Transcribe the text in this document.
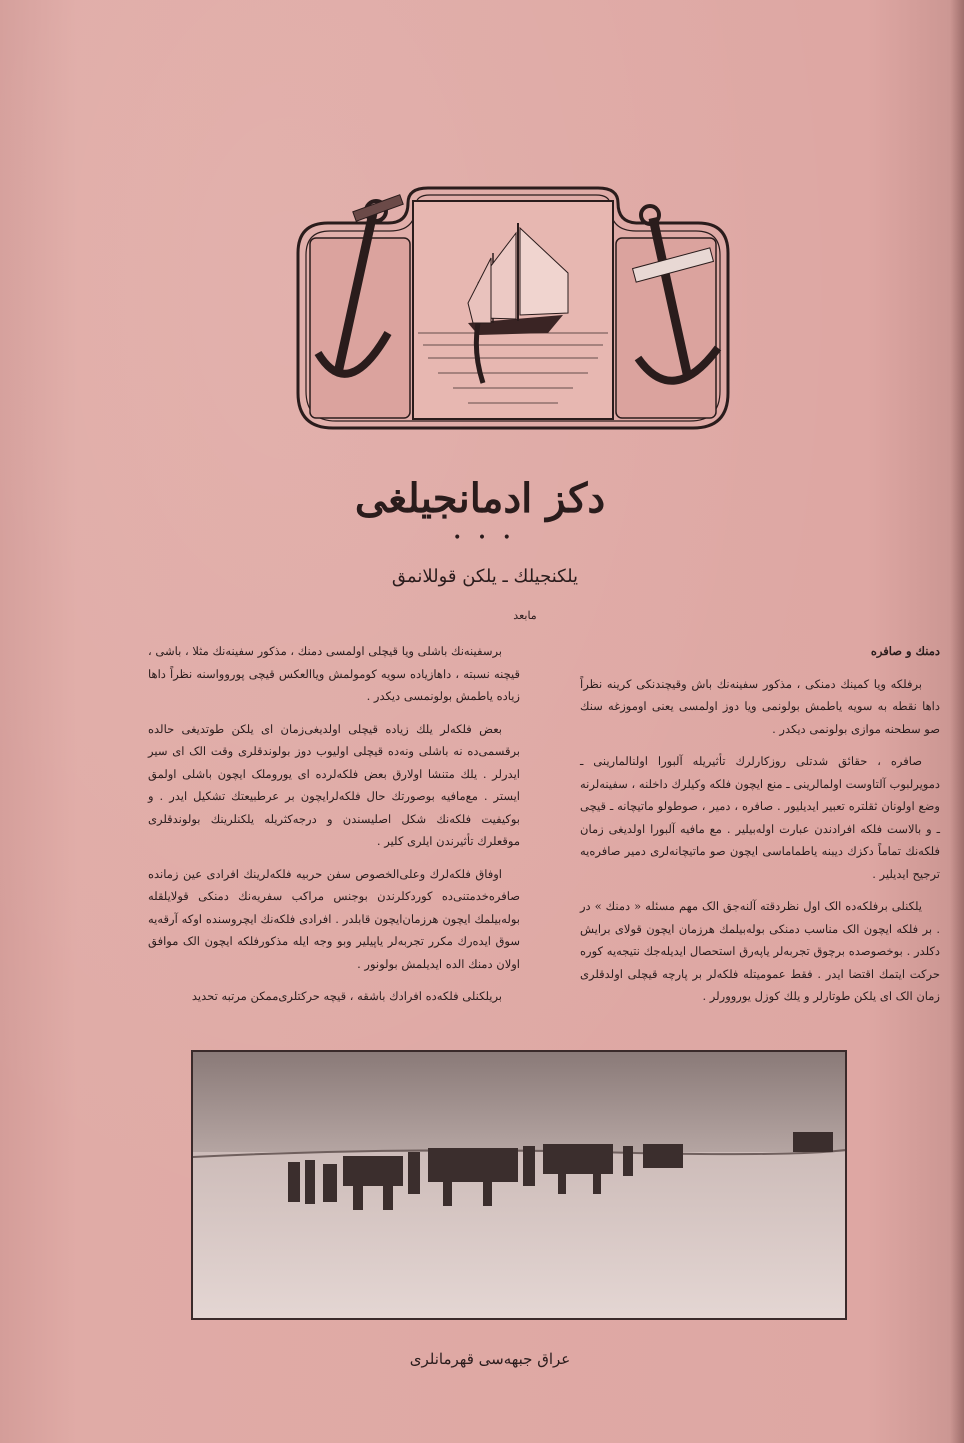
دکز ادمانجیلغی
• • •
یلکنجیلك ـ یلکن قوللانمق
مابعد

دمنك و صافره

برفلکه ویا کمینك دمنکی ، مذکور سفینه‌نك باش وقیچندنکی کرینه نظراً داها نقطه به سویه یاطمش بولونمی ویا دوز اولمسی یعنی اوموزغه سنك صو سطحنه موازی بولونمی دیکدر .

صافره ، حقائق شدتلی روزکارلرك تأثیریله آلبورا اولنالمارینی ـ دمویرلبوب آلتاوست اولمالرینی ـ منع ایچون فلکه وکیلرك داخلنه ، سفینه‌لرنه وضع اولونان ثقلتره تعبیر ایدیلیور . صافره ، دمیر ، صوطولو ماتیچانه ـ قیچی ـ و بالاست فلکه افرادندن عبارت اوله‌بیلیر . مع مافیه آلبورا اولدیغی زمان فلکه‌نك تماماً دکزك دیبنه یاطماماسی ایچون صو ماتیچانه‌لری دمیر صافره‌یه ترجیح ایدیلیر .

یلکنلی برفلکه‌ده الک اول نظردقته آلنه‌جق الک مهم مسئله « دمنك » در . بر فلکه ایچون الک مناسب دمنکی بوله‌بیلمك هرزمان ایچون قولای برایش دکلدر . بوخصوصده برچوق تجربه‌لر یاپه‌رق استحصال ایدیله‌جك نتیجه‌یه کوره حرکت ایتمك اقتضا ایدر . فقط عمومیتله فلکه‌لر بر پارچه قیچلی اولدقلری زمان الک ای یلکن طوتارلر و یلك کوزل یوروورلر .

برسفینه‌نك باشلی ویا قیچلی اولمسی دمنك ، مذکور سفینه‌نك مثلا ، باشی ، قیچنه نسبته ، داهازیاده سویه کومولمش ویاالعکس قیچی پوروواسنه نظراً داها زیاده یاطمش بولونمسی دیکدر .

بعض فلکه‌لر یلك زیاده قیچلی اولدیغی‌زمان ای یلکن طوتدیغی حالده برقسمی‌ده نه باشلی ونه‌ده قیچلی اولیوب دوز بولوندقلری وقت الک ای سیر ایدرلر . یلك متنشا اولارق بعض فلکه‌لرده ای یوروملک ایچون باشلی اولمق ایستر . مع‌مافیه بوصورتك حال فلکه‌لرایچون بر عرطبیعتك تشکیل ایدر . و بوکیفیت فلکه‌نك شکل اصلیسندن و درجه‌کثریله یلکنلرینك بولوندقلری موقعلرك تأثیرندن ایلری کلیر .

اوفاق فلکه‌لرك وعلی‌الخصوص سفن حربیه فلکه‌لرینك افرادی عین زمانده صافره‌خدمتنی‌ده کوردکلرندن بوجنس مراکب سفریه‌نك دمنکی قولایلقله بوله‌بیلمك ایچون هرزمان‌ایچون قابلدر . افرادی فلکه‌نك ایچروسنده اوکه آرقه‌یه سوق ایده‌رك مکرر تجربه‌لر یاپیلیر وبو وجه ایله مذکورفلکه ایچون الک موافق اولان دمنك الده ایدیلمش بولونور .

بریلکنلی فلکه‌ده افرادك باشقه ، قیچه حرکتلری‌ممکن مرتبه تحدید

عراق جبهه‌سی قهرمانلری
